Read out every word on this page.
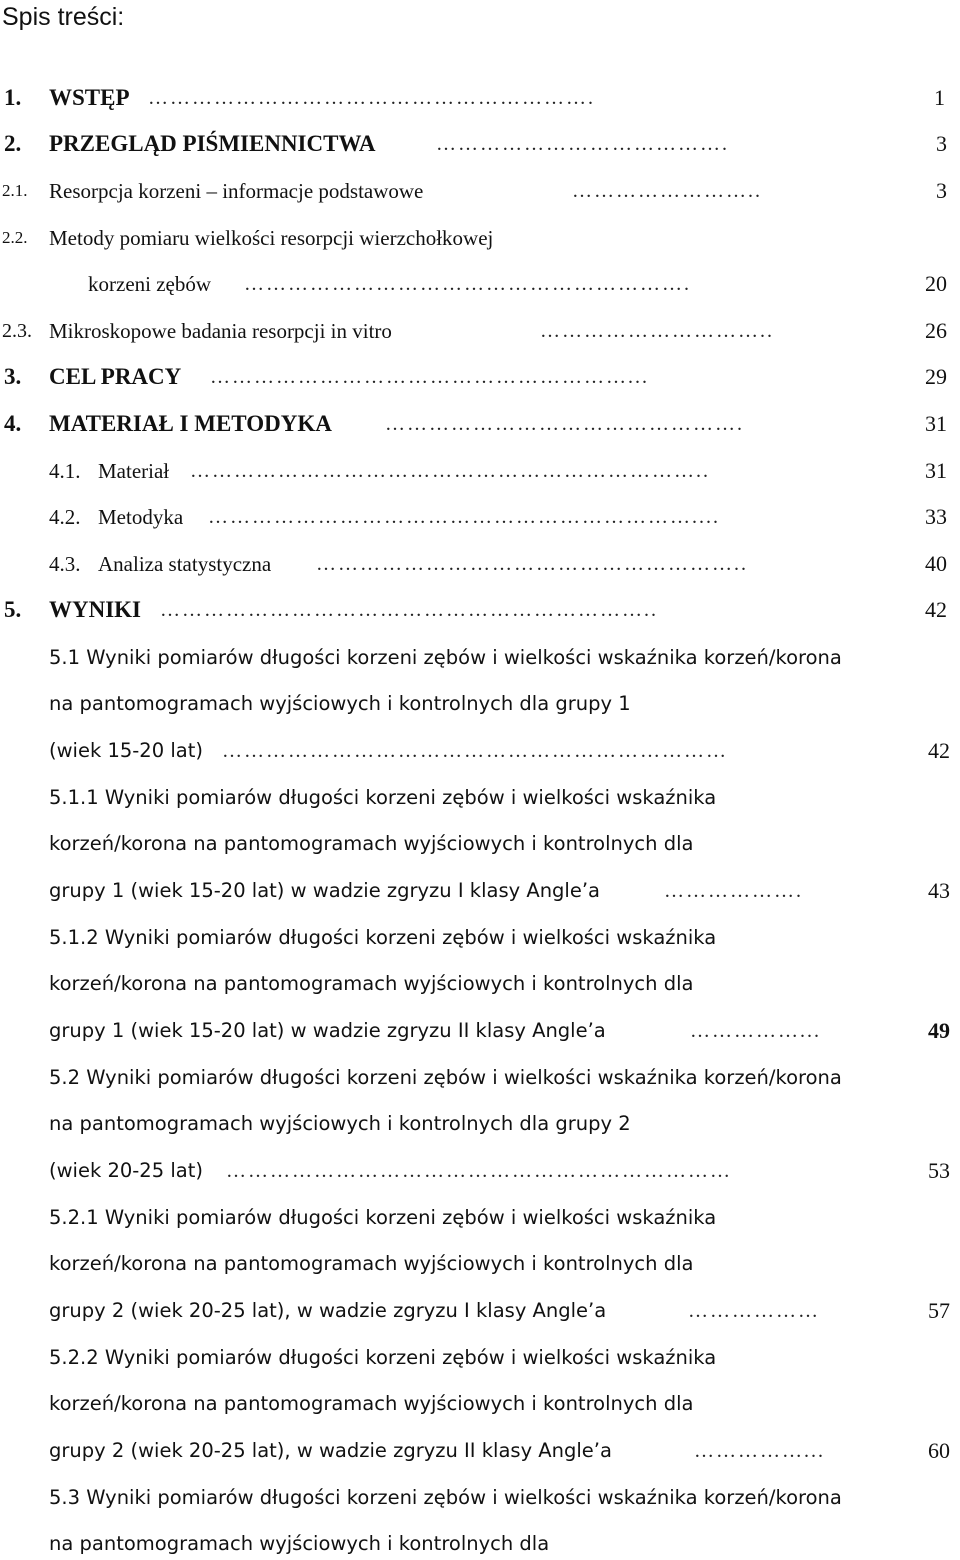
Spis treści:
1. WSTĘP …………………………………………………….	1
2. PRZEGLĄD PIŚMIENNICTWA	………………………………….	3
2.1. Resorpcja korzeni – informacje podstawowe	……………………..	3
2.2. Metody pomiaru wielkości resorpcji wierzchołkowej
korzeni zębów …………………………………………………….	20
2.3. Mikroskopowe badania resorpcji in vitro	…………………………..	26
3. CEL PRACY …………………………………………………...	29
4. MATERIAŁ I METODYKA	………………………………………….	31
4.1. Materiał ……………………………………………………………..	31
4.2. Metodyka …………………………………………………………....	33
4.3. Analiza statystyczna …………………………………………………..	40
5. WYNIKI …………………………………………………………..	42
5.1 Wyniki pomiarów długości korzeni zębów i wielkości wskaźnika korzeń/korona
na pantomogramach wyjściowych i kontrolnych dla grupy 1
(wiek 15-20 lat) ……………………………………………………………	42
5.1.1 Wyniki pomiarów długości korzeni zębów i wielkości wskaźnika
korzeń/korona na pantomogramach wyjściowych i kontrolnych dla
grupy 1 (wiek 15-20 lat) w wadzie zgryzu I klasy Angle’a	……………….	43
5.1.2 Wyniki pomiarów długości korzeni zębów i wielkości wskaźnika
korzeń/korona na pantomogramach wyjściowych i kontrolnych dla
grupy 1 (wiek 15-20 lat) w wadzie zgryzu II klasy Angle’a	……………...	49
5.2 Wyniki pomiarów długości korzeni zębów i wielkości wskaźnika korzeń/korona
na pantomogramach wyjściowych i kontrolnych dla grupy 2
(wiek 20-25 lat) ……………………………………………………………	53
5.2.1 Wyniki pomiarów długości korzeni zębów i wielkości wskaźnika
korzeń/korona na pantomogramach wyjściowych i kontrolnych dla
grupy 2 (wiek 20-25 lat), w wadzie zgryzu I klasy Angle’a	………………	57
5.2.2 Wyniki pomiarów długości korzeni zębów i wielkości wskaźnika
korzeń/korona na pantomogramach wyjściowych i kontrolnych dla
grupy 2 (wiek 20-25 lat), w wadzie zgryzu II klasy Angle’a	……………...	60
5.3 Wyniki pomiarów długości korzeni zębów i wielkości wskaźnika korzeń/korona
na pantomogramach wyjściowych i kontrolnych dla
